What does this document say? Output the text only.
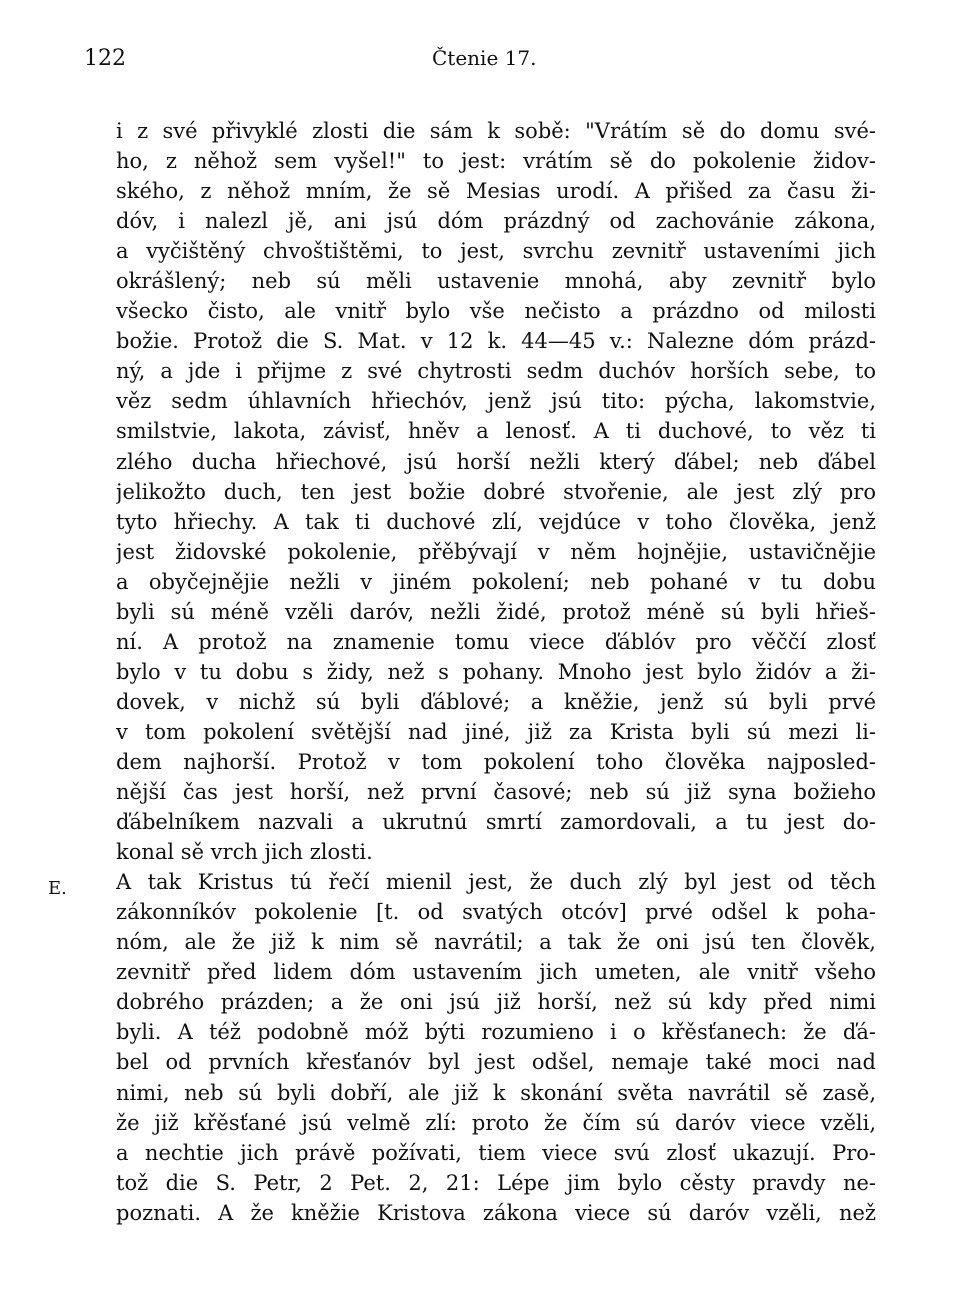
122	Čtenie 17.
E.
i z své přivyklé zlosti die sám k sobě: "Vrátím sě do domu své-
ho, z něhož sem vyšel!" to jest: vrátím sě do pokolenie židov-
ského, z něhož mním, že sě Mesias urodí. A přišed za času ži-
dóv, i nalezl jě, ani jsú dóm prázdný od zachovánie zákona,
a vyčištěný chvoštištěmi, to jest, svrchu zevnitř ustaveními jich
okrášlený; neb sú měli ustavenie mnohá, aby zevnitř bylo
všecko čisto, ale vnitř bylo vše nečisto a prázdno od milosti
božie. Protož die S. Mat. v 12 k. 44—45 v.: Nalezne dóm prázd-
ný, a jde i přijme z své chytrosti sedm duchóv horších sebe, to
věz sedm úhlavních hřiechóv, jenž jsú tito: pýcha, lakomstvie,
smilstvie, lakota, závisť, hněv a lenosť. A ti duchové, to věz ti
zlého ducha hřiechové, jsú horší nežli který ďábel; neb ďábel
jelikožto duch, ten jest božie dobré stvořenie, ale jest zlý pro
tyto hřiechy. A tak ti duchové zlí, vejdúce v toho člověka, jenž
jest židovské pokolenie, přěbývají v něm hojnějie, ustavičnějie
a obyčejnějie nežli v jiném pokolení; neb pohané v tu dobu
byli sú méně vzěli daróv, nežli židé, protož méně sú byli hřieš-
ní. A protož na znamenie tomu viece ďáblóv pro věččí zlosť
bylo v tu dobu s židy, než s pohany. Mnoho jest bylo židóv a ži-
dovek, v nichž sú byli ďáblové; a kněžie, jenž sú byli prvé
v tom pokolení světější nad jiné, již za Krista byli sú mezi li-
dem najhorší. Protož v tom pokolení toho člověka najposled-
nější čas jest horší, než první časové; neb sú již syna božieho
ďábelníkem nazvali a ukrutnú smrtí zamordovali, a tu jest do-
konal sě vrch jich zlosti.
A tak Kristus tú řečí mienil jest, že duch zlý byl jest od těch
zákonníkóv pokolenie [t. od svatých otcóv] prvé odšel k poha-
nóm, ale že již k nim sě navrátil; a tak že oni jsú ten člověk,
zevnitř před lidem dóm ustavením jich umeten, ale vnitř všeho
dobrého prázden; a že oni jsú již horší, než sú kdy před nimi
byli. A též podobně mόž býti rozumieno i o křěsťanech: že ďá-
bel od prvních křesťanóv byl jest odšel, nemaje také moci nad
nimi, neb sú byli dobří, ale již k skonání světa navrátil sě zasě,
že již křěsťané jsú velmě zlí: proto že čím sú daróv viece vzěli,
a nechtie jich právě požívati, tiem viece svú zlosť ukazují. Pro-
tož die S. Petr, 2 Pet. 2, 21: Lépe jim bylo cěsty pravdy ne-
poznati. A že kněžie Kristova zákona viece sú daróv vzěli, než
